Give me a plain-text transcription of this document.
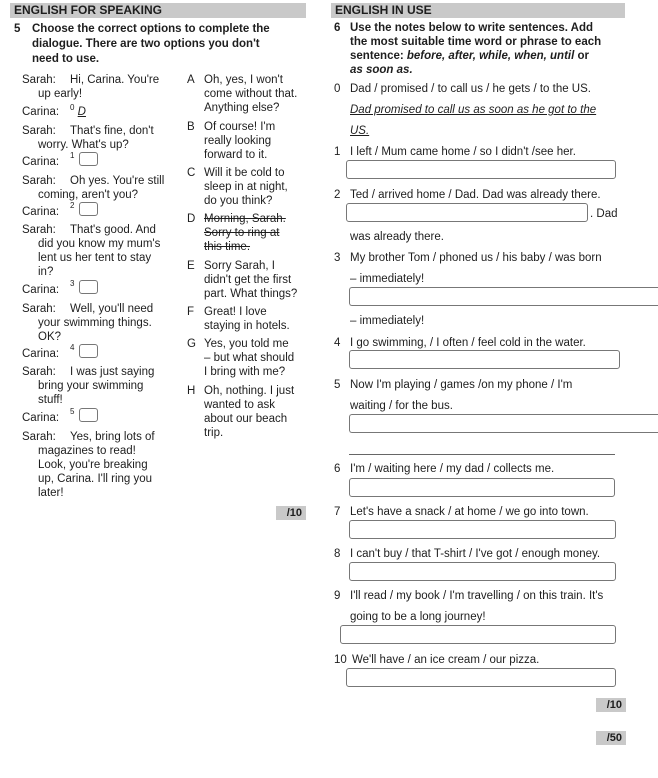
ENGLISH FOR SPEAKING
5 Choose the correct options to complete the
dialogue. There are two options you don't
need to use.
Sarah: Hi, Carina. You're
up early!
Carina: $^0$ D
Sarah: That's fine, don't
worry. What's up?
Carina:
$^1$
Sarah: Oh yes. You're still
coming, aren't you?
Carina:
$^2$
Sarah: That's good. And
did you know my mum's
lent us her tent to stay
in?
Carina:
$^3$
Sarah: Well, you'll need
your swimming things.
OK?
Carina:
$^4$
Sarah: I was just saying
bring your swimming
stuff!
Carina:
$^5$
Sarah: Yes, bring lots of
magazines to read!
Look, you're breaking
up, Carina. I'll ring you
later!
A Oh, yes, I won't
come without that.
Anything else?
B Of course! I'm
really looking
forward to it.
C Will it be cold to
sleep in at night,
do you think?
D Morning, Sarah.
Sorry to ring at
this time.
E Sorry Sarah, I
didn't get the first
part. What things?
F Great! I love
staying in hotels.
G Yes, you told me
– but what should
I bring with me?
H Oh, nothing. I just
wanted to ask
about our beach
trip.
/10
ENGLISH IN USE
6 Use the notes below to write sentences. Add
the most suitable time word or phrase to each
sentence: before, after, while, when, until or
as soon as.
0 Dad / promised / to call us / he gets / to the US.
Dad promised to call us as soon as he got to the
US.
1 I left / Mum came home / so I didn't /see her.
2 Ted / arrived home / Dad. Dad was already there.
. Dad
was already there.
3 My brother Tom / phoned us / his baby / was born
– immediately!
– immediately!
4 I go swimming, / I often / feel cold in the water.
5 Now I'm playing / games /on my phone / I'm
waiting / for the bus.
6 I'm / waiting here / my dad / collects me.
7 Let's have a snack / at home / we go into town.
8 I can't buy / that T-shirt / I've got / enough money.
9 I'll read / my book / I'm travelling / on this train. It's
going to be a long journey!
10 We'll have / an ice cream / our pizza.
/10
/50
